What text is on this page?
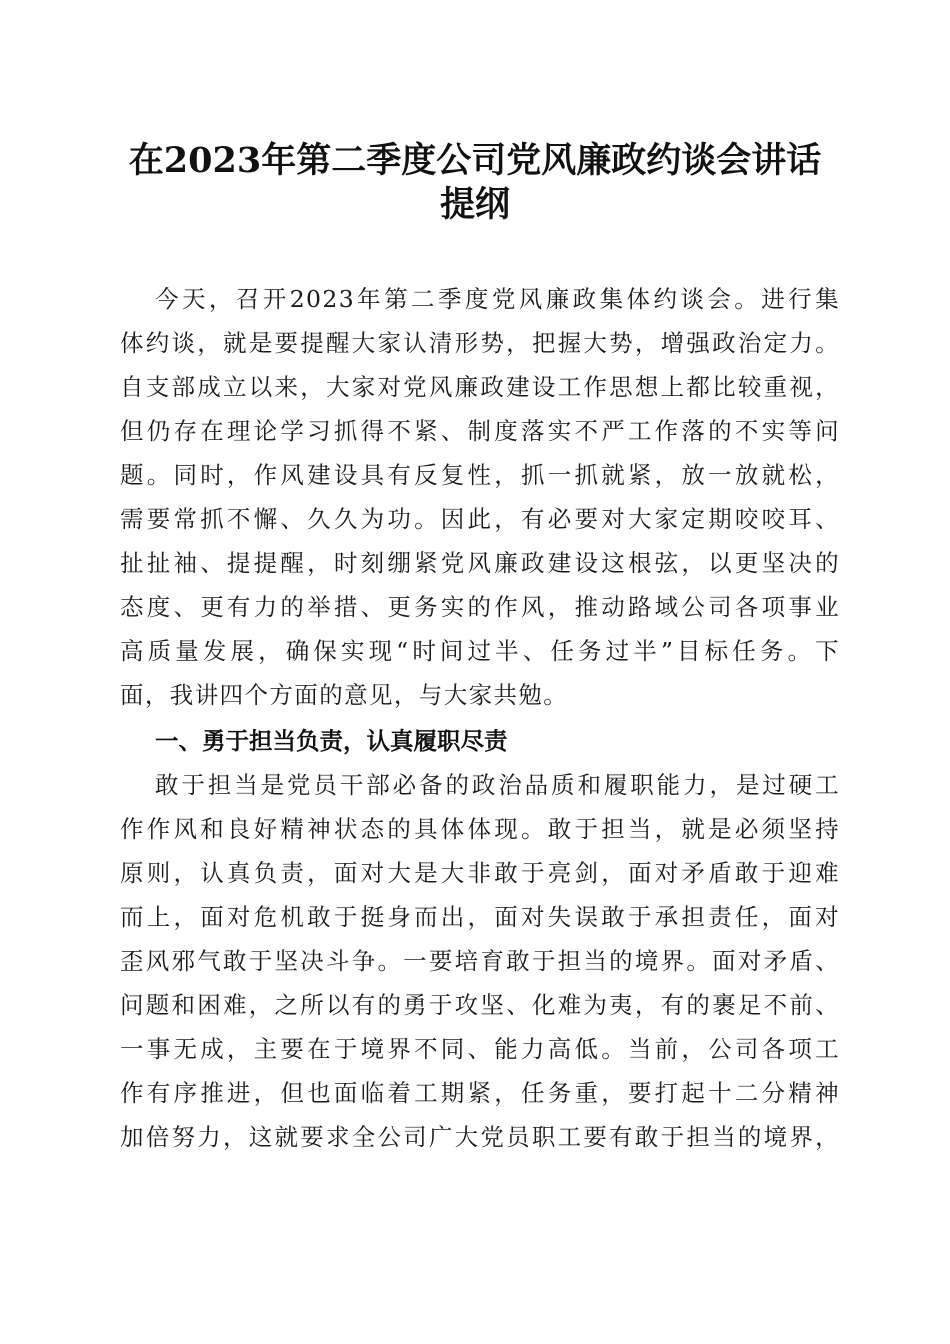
在2023年第二季度公司党风廉政约谈会讲话
提纲
今天，召开2023年第二季度党风廉政集体约谈会。进行集
体约谈，就是要提醒大家认清形势，把握大势，增强政治定力。
自支部成立以来，大家对党风廉政建设工作思想上都比较重视，
但仍存在理论学习抓得不紧、制度落实不严工作落的不实等问
题。同时，作风建设具有反复性，抓一抓就紧，放一放就松，
需要常抓不懈、久久为功。因此，有必要对大家定期咬咬耳、
扯扯袖、提提醒，时刻绷紧党风廉政建设这根弦，以更坚决的
态度、更有力的举措、更务实的作风，推动路域公司各项事业
高质量发展，确保实现“时间过半、任务过半”目标任务。下
面，我讲四个方面的意见，与大家共勉。
一、勇于担当负责，认真履职尽责
敢于担当是党员干部必备的政治品质和履职能力，是过硬工
作作风和良好精神状态的具体体现。敢于担当，就是必须坚持
原则，认真负责，面对大是大非敢于亮剑，面对矛盾敢于迎难
而上，面对危机敢于挺身而出，面对失误敢于承担责任，面对
歪风邪气敢于坚决斗争。一要培育敢于担当的境界。面对矛盾、
问题和困难，之所以有的勇于攻坚、化难为夷，有的裹足不前、
一事无成，主要在于境界不同、能力高低。当前，公司各项工
作有序推进，但也面临着工期紧，任务重，要打起十二分精神
加倍努力，这就要求全公司广大党员职工要有敢于担当的境界，
